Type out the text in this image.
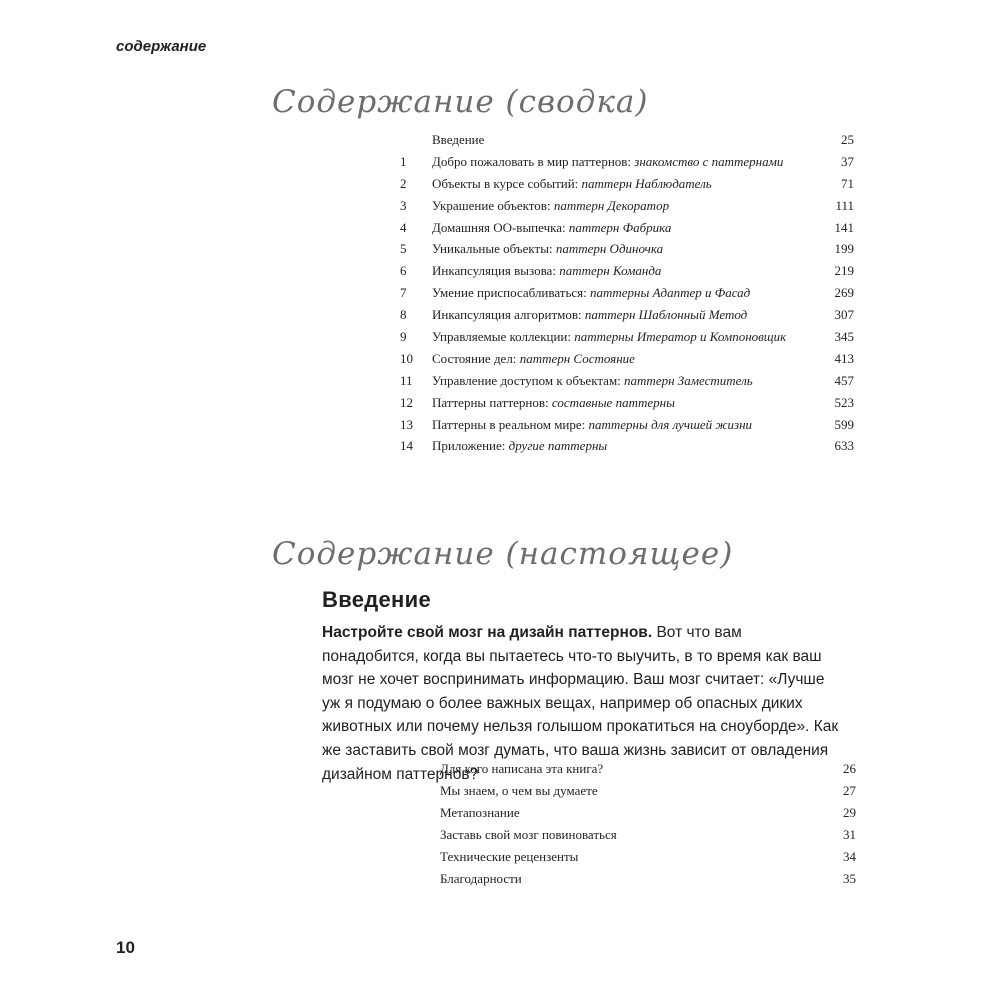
содержание
Содержание (сводка)
Введение	25
1	Добро пожаловать в мир паттернов: знакомство с паттернами	37
2	Объекты в курсе событий: паттерн Наблюдатель	71
3	Украшение объектов: паттерн Декоратор	111
4	Домашняя ОО-выпечка: паттерн Фабрика	141
5	Уникальные объекты: паттерн Одиночка	199
6	Инкапсуляция вызова: паттерн Команда	219
7	Умение приспосабливаться: паттерны Адаптер и Фасад	269
8	Инкапсуляция алгоритмов: паттерн Шаблонный Метод	307
9	Управляемые коллекции: паттерны Итератор и Компоновщик	345
10	Состояние дел: паттерн Состояние	413
11	Управление доступом к объектам: паттерн Заместитель	457
12	Паттерны паттернов: составные паттерны	523
13	Паттерны в реальном мире: паттерны для лучшей жизни	599
14	Приложение: другие паттерны	633
Содержание (настоящее)
Введение
Настройте свой мозг на дизайн паттернов. Вот что вам понадобится, когда вы пытаетесь что-то выучить, в то время как ваш мозг не хочет воспринимать информацию. Ваш мозг считает: «Лучше уж я подумаю о более важных вещах, например об опасных диких животных или почему нельзя голышом прокатиться на сноуборде». Как же заставить свой мозг думать, что ваша жизнь зависит от овладения дизайном паттернов?
Для кого написана эта книга?	26
Мы знаем, о чем вы думаете	27
Метапознание	29
Заставь свой мозг повиноваться	31
Технические рецензенты	34
Благодарности	35
10
